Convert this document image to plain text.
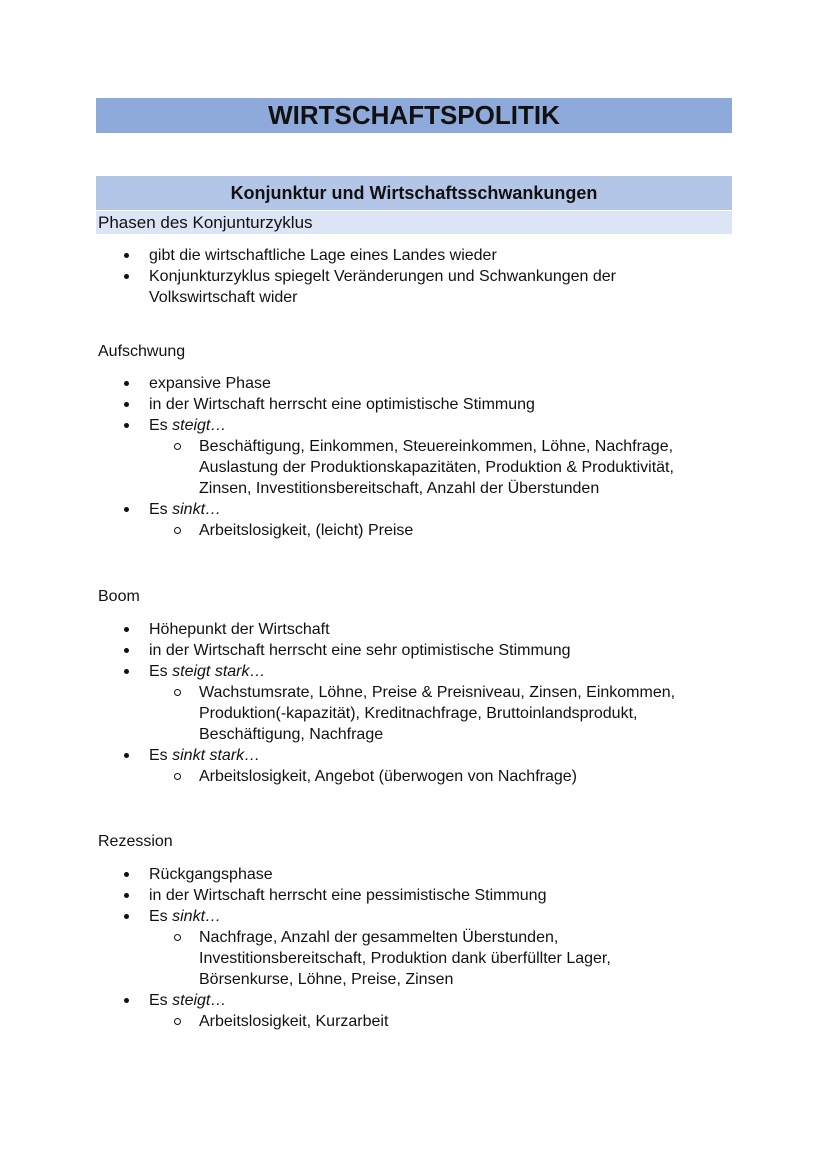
WIRTSCHAFTSPOLITIK
Konjunktur und Wirtschaftsschwankungen
Phasen des Konjunturzyklus
gibt die wirtschaftliche Lage eines Landes wieder
Konjunkturzyklus spiegelt Veränderungen und Schwankungen der Volkswirtschaft wider
Aufschwung
expansive Phase
in der Wirtschaft herrscht eine optimistische Stimmung
Es steigt…
Beschäftigung, Einkommen, Steuereinkommen, Löhne, Nachfrage, Auslastung der Produktionskapazitäten, Produktion & Produktivität, Zinsen, Investitionsbereitschaft, Anzahl der Überstunden
Es sinkt…
Arbeitslosigkeit, (leicht) Preise
Boom
Höhepunkt der Wirtschaft
in der Wirtschaft herrscht eine sehr optimistische Stimmung
Es steigt stark…
Wachstumsrate, Löhne, Preise & Preisniveau, Zinsen, Einkommen, Produktion(-kapazität), Kreditnachfrage, Bruttoinlandsprodukt, Beschäftigung, Nachfrage
Es sinkt stark…
Arbeitslosigkeit, Angebot (überwogen von Nachfrage)
Rezession
Rückgangsphase
in der Wirtschaft herrscht eine pessimistische Stimmung
Es sinkt…
Nachfrage, Anzahl der gesammelten Überstunden, Investitionsbereitschaft, Produktion dank überfüllter Lager, Börsenkurse, Löhne, Preise, Zinsen
Es steigt…
Arbeitslosigkeit, Kurzarbeit
